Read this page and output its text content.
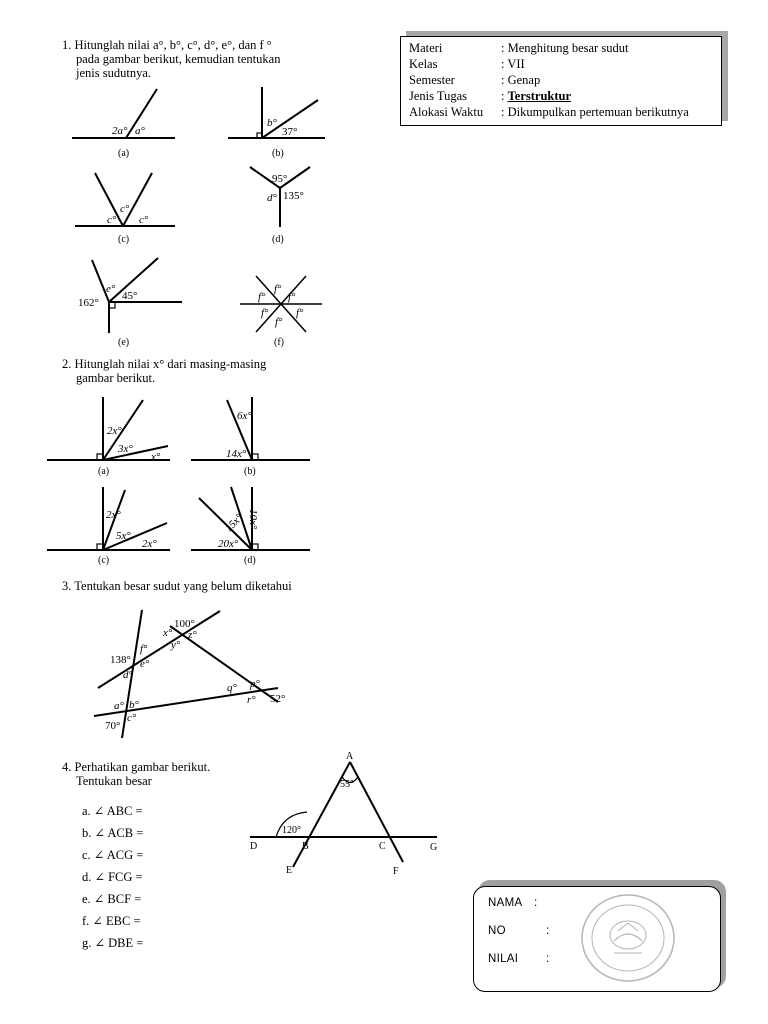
1. Hitunglah nilai a°, b°, c°, d°, e°, dan f °
pada gambar berikut, kemudian tentukan
jenis sudutnya.
Materi	: Menghitung besar sudut
Kelas	: VII
Semester	: Genap
Jenis Tugas	: Terstruktur
Alokasi Waktu	: Dikumpulkan pertemuan berikutnya
2a° a°
(a)
b°
37°
(b)
c°
c°
c°
(c)
95°
d° 135°
(d)
162°
e°
45°
(e)
f°
f°
f°
f°
f°
f°
(f)
2. Hitunglah nilai x° dari masing-masing
gambar berikut.
2x°
3x°
x°
(a)
6x°
14x°
(b)
2x°
5x°
2x°
(c)
15x° 10x°
20x°
(d)
3. Tentukan besar sudut yang belum diketahui
x°
100°
z°
y°
138°
f°
e°
d°
q° p°
r° 52°
a° b°
70°
c°
4. Perhatikan gambar berikut.
Tentukan besar
a. ∠ ABC =
b. ∠ ACB =
c. ∠ ACG =
d. ∠ FCG =
e. ∠ BCF =
f. ∠ EBC =
g. ∠ DBE =
A
55°
120°
D	B	C	G
E	F
NAMA :
NO	:
NILAI :
